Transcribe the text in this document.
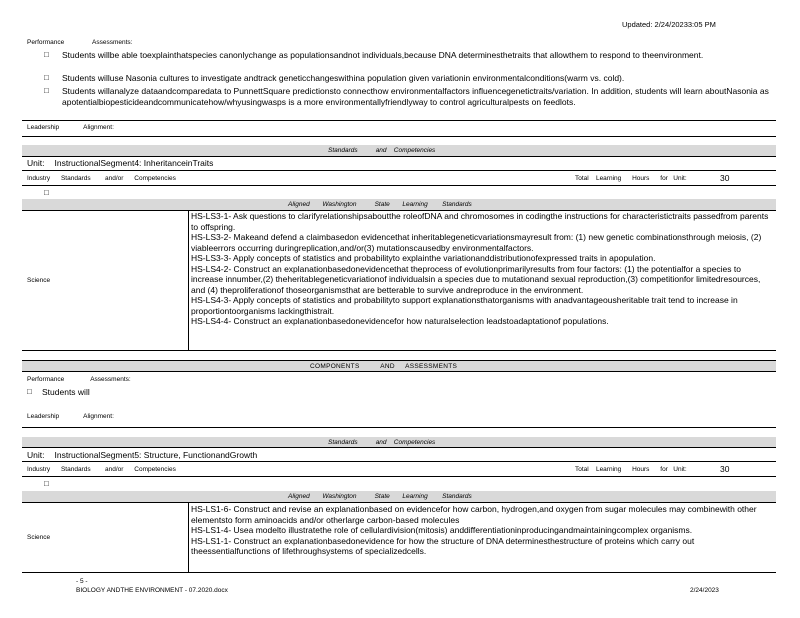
Updated: 2/24/20233:05 PM
Performance	Assessments:
□ Students willbe able toexplainthatspecies canonlychange as populationsandnot individuals,because DNA determinesthetraits that allowthem to respond to theenvironment.
□ Students willuse Nasonia cultures to investigate andtrack geneticchangeswithina population given variationin environmentalconditions(warm vs. cold).
□ Students willanalyze dataandcomparedata to PunnettSquare predictionsto connecthow environmentalfactors influencegenetictraits/variation. In addition, students will learn aboutNasonia as apotentialbiopesticideandcommunicatehow/whyusingwasps is a more environmentallyfriendlyway to control agriculturalpests on feedlots.
Leadership	Alignment:
Standards          and    Competencies
Unit: InstructionalSegment4: InheritanceinTraits
Industry      Standards        and/or      Competencies	Total    Learning      Hours      for   Unit:	30
□
Aligned       Washington          State       Learning        Standards
Science
HS-LS3-1- Ask questions to clarifyrelationshipsaboutthe roleofDNA and chromosomes in codingthe instructions for characteristictraits passedfrom parents to offspring.
HS-LS3-2- Makeand defend a claimbasedon evidencethat inheritablegeneticvariationsmayresult from: (1) new genetic combinationsthrough meiosis, (2) viableerrors occurring duringreplication,and/or(3) mutationscausedby environmentalfactors.
HS-LS3-3- Apply concepts of statistics and probabilityto explainthe variationanddistributionofexpressed traits in apopulation.
HS-LS4-2- Construct an explanationbasedonevidencethat theprocess of evolutionprimarilyresults from four factors: (1) the potentialfor a species to increase innumber,(2) theheritablegeneticvariationof individualsin a species due to mutationand sexual reproduction,(3) competitionfor limitedresources, and (4) theproliferationof thoseorganismsthat are betterable to survive andreproduce in the environment.
HS-LS4-3- Apply concepts of statistics and probabilityto support explanationsthatorganisms with anadvantageousheritable trait tend to increase in proportiontoorganisms lackingthistrait.
HS-LS4-4- Construct an explanationbasedonevidencefor how naturalselection leadstoadaptationof populations.
COMPONENTS          AND     ASSESSMENTS
Performance	Assessments:
□ Students will
Leadership	Alignment:
Standards          and    Competencies
Unit: InstructionalSegment5: Structure, FunctionandGrowth
Industry      Standards        and/or      Competencies	Total    Learning      Hours      for   Unit:	30
□
Aligned       Washington          State       Learning        Standards
Science
HS-LS1-6- Construct and revise an explanationbased on evidencefor how carbon, hydrogen,and oxygen from sugar molecules may combinewith other elementsto form aminoacids and/or otherlarge carbon-based molecules
HS-LS1-4- Usea modelto illustratethe role of cellulardivision(mitosis) anddifferentiationinproducingandmaintainingcomplex organisms.
HS-LS1-1- Construct an explanationbasedonevidence for how the structure of DNA determinesthestructure of proteins which carry out theessentialfunctions of lifethroughsystems of specializedcells.
- 5 -
BIOLOGY ANDTHE ENVIRONMENT - 07.2020.docx	2/24/2023
